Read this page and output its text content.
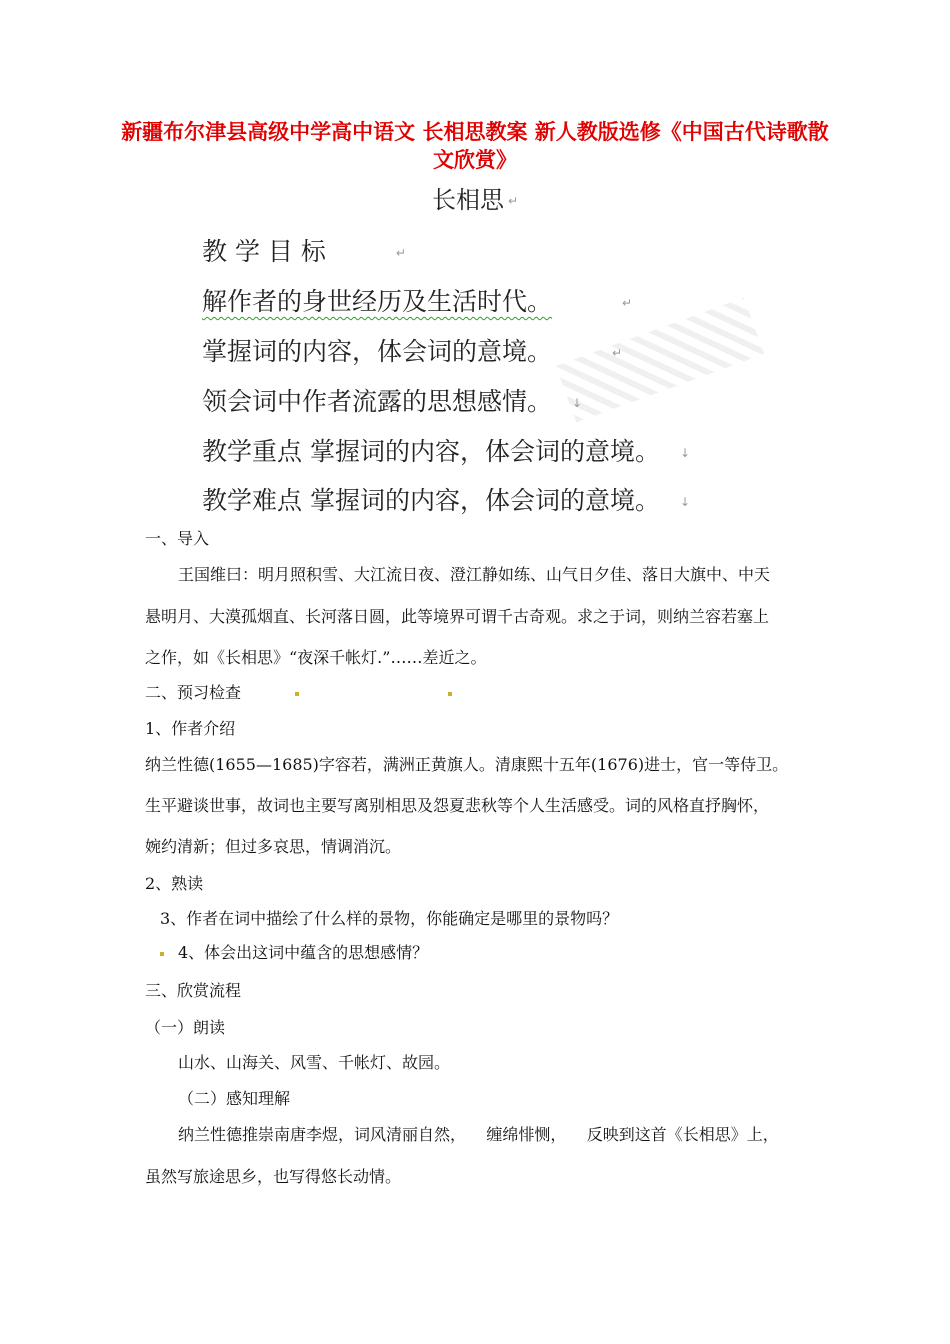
新疆布尔津县高级中学高中语文 长相思教案 新人教版选修《中国古代诗歌散文欣赏》
长相思 ↵
教 学 目 标	↵
解作者的身世经历及生活时代。	↵
掌握词的内容，体会词的意境。	↵
领会词中作者流露的思想感情。 ↓
教学重点 掌握词的内容，体会词的意境。 ↓
教学难点 掌握词的内容，体会词的意境。 ↓
一、导入
王国维曰：明月照积雪、大江流日夜、澄江静如练、山气日夕佳、落日大旗中、中天
悬明月、大漠孤烟直、长河落日圆，此等境界可谓千古奇观。求之于词，则纳兰容若塞上
之作，如《长相思》“夜深千帐灯.”……差近之。
二、预习检查
1、作者介绍
纳兰性德(1655—1685)字容若，满洲正黄旗人。清康熙十五年(1676)进士，官一等侍卫。
生平避谈世事，故词也主要写离别相思及怨夏悲秋等个人生活感受。词的风格直抒胸怀，
婉约清新；但过多哀思，情调消沉。
2、熟读
3、作者在词中描绘了什么样的景物，你能确定是哪里的景物吗？
4、体会出这词中蕴含的思想感情？
三、欣赏流程
（一）朗读
山水、山海关、风雪、千帐灯、故园。
（二）感知理解
纳兰性德推崇南唐李煜，词风清丽自然，    缠绵悱恻，    反映到这首《长相思》上，
虽然写旅途思乡，也写得悠长动情。
